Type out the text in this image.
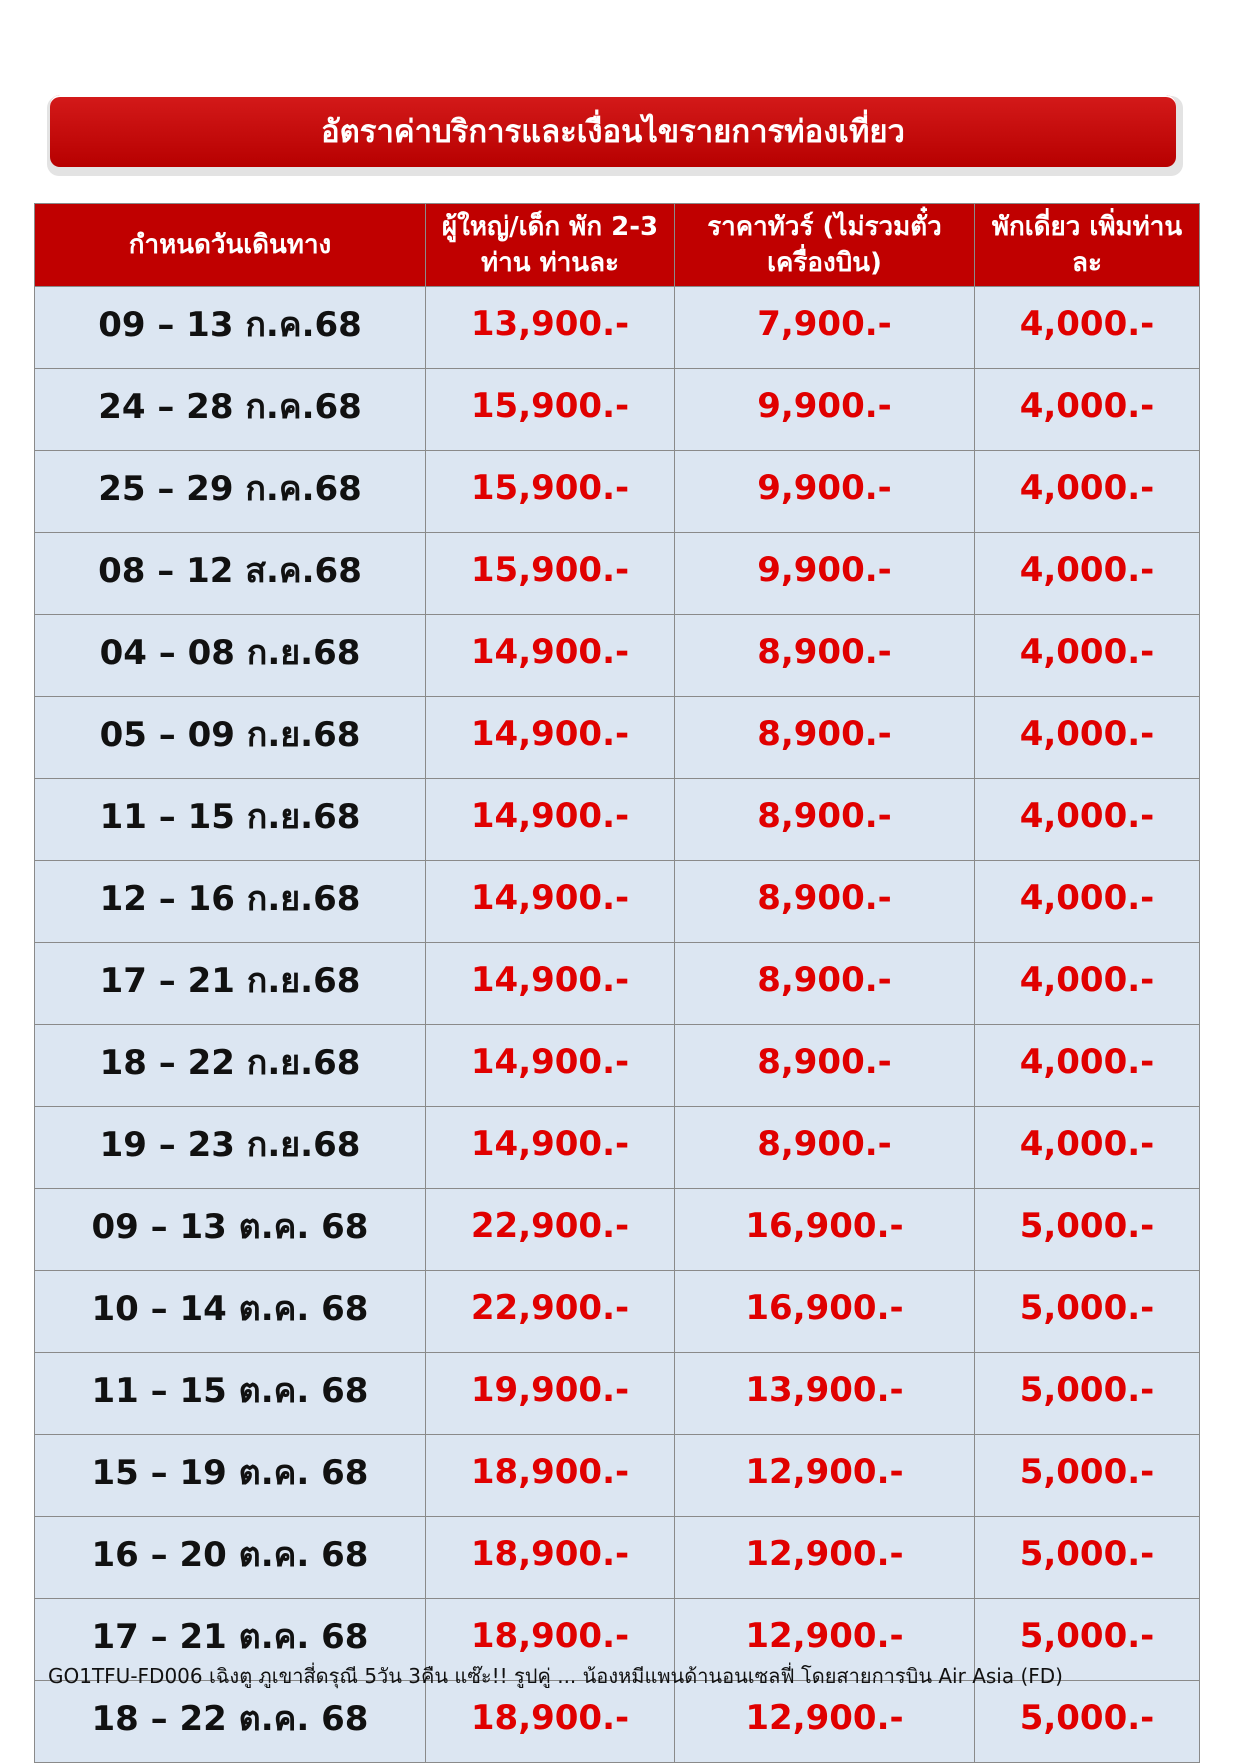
อัตราค่าบริการและเงื่อนไขรายการท่องเที่ยว
กำหนดวันเดินทาง	ผู้ใหญ่/เด็ก พัก 2-3 ท่าน ท่านละ	ราคาทัวร์ (ไม่รวมตั๋วเครื่องบิน)	พักเดี่ยว เพิ่มท่านละ
09 – 13 ก.ค.68	13,900.-	7,900.-	4,000.-
24 – 28 ก.ค.68	15,900.-	9,900.-	4,000.-
25 – 29 ก.ค.68	15,900.-	9,900.-	4,000.-
08 – 12 ส.ค.68	15,900.-	9,900.-	4,000.-
04 – 08 ก.ย.68	14,900.-	8,900.-	4,000.-
05 – 09 ก.ย.68	14,900.-	8,900.-	4,000.-
11 – 15 ก.ย.68	14,900.-	8,900.-	4,000.-
12 – 16 ก.ย.68	14,900.-	8,900.-	4,000.-
17 – 21 ก.ย.68	14,900.-	8,900.-	4,000.-
18 – 22 ก.ย.68	14,900.-	8,900.-	4,000.-
19 – 23 ก.ย.68	14,900.-	8,900.-	4,000.-
09 – 13 ต.ค. 68	22,900.-	16,900.-	5,000.-
10 – 14 ต.ค. 68	22,900.-	16,900.-	5,000.-
11 – 15 ต.ค. 68	19,900.-	13,900.-	5,000.-
15 – 19 ต.ค. 68	18,900.-	12,900.-	5,000.-
16 – 20 ต.ค. 68	18,900.-	12,900.-	5,000.-
17 – 21 ต.ค. 68	18,900.-	12,900.-	5,000.-
18 – 22 ต.ค. 68	18,900.-	12,900.-	5,000.-
GO1TFU-FD006 เฉิงตู ภูเขาสี่ดรุณี 5วัน 3คืน แซ๊ะ!! รูปคู่ ... น้องหมีแพนด้านอนเซลฟี่ โดยสายการบิน Air Asia (FD)
